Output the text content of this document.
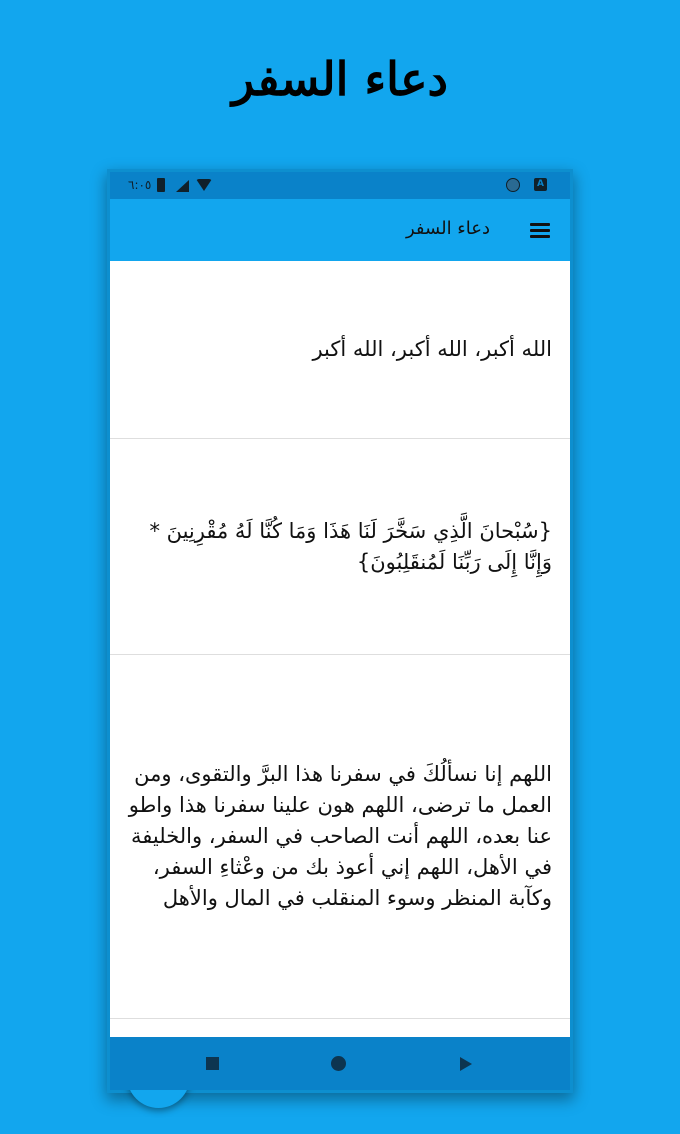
دعاء السفر
٦:٠٥	A
دعاء السفر
الله أكبر، الله أكبر، الله أكبر
{سُبْحانَ الَّذِي سَخَّرَ لَنَا هَذَا وَمَا كُنَّا لَهُ مُقْرِنِينَ * وَإِنَّا إِلَى رَبِّنَا لَمُنقَلِبُونَ}
اللهم إنا نسألُكَ في سفرنا هذا البرَّ والتقوى، ومن العمل ما ترضى، اللهم هون علينا سفرنا هذا واطو عنا بعده، اللهم أنت الصاحب في السفر، والخليفة في الأهل، اللهم إني أعوذ بك من وعْثاءِ السفر، وكآبة المنظر وسوء المنقلب في المال والأهل
